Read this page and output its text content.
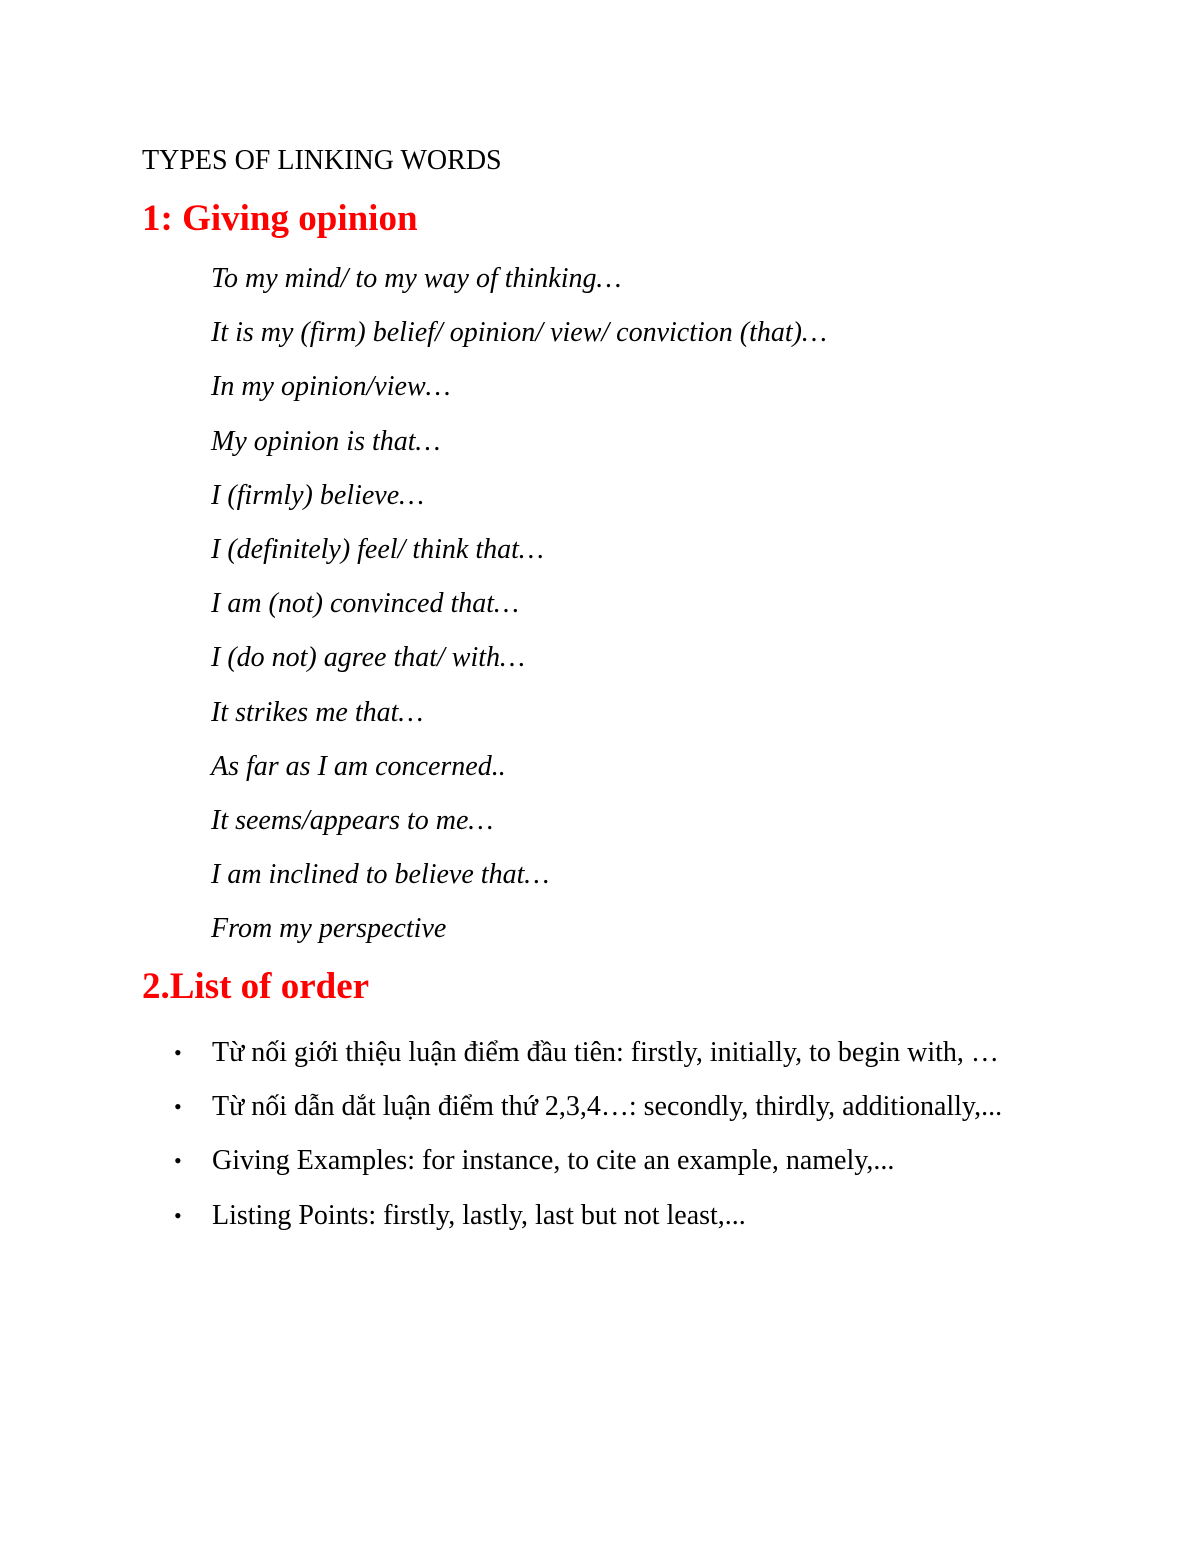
TYPES OF LINKING WORDS

1: Giving opinion
To my mind/ to my way of thinking…
It is my (firm) belief/ opinion/ view/ conviction (that)…
In my opinion/view…
My opinion is that…
I (firmly) believe…
I (definitely) feel/ think that…
I am (not) convinced that…
I (do not) agree that/ with…
It strikes me that…
As far as I am concerned..
It seems/appears to me…
I am inclined to believe that…
From my perspective
2.List of order
• Từ nối giới thiệu luận điểm đầu tiên: firstly, initially, to begin with, …
• Từ nối dẫn dắt luận điểm thứ 2,3,4…: secondly, thirdly, additionally,...
• Giving Examples: for instance, to cite an example, namely,...
• Listing Points: firstly, lastly, last but not least,...
